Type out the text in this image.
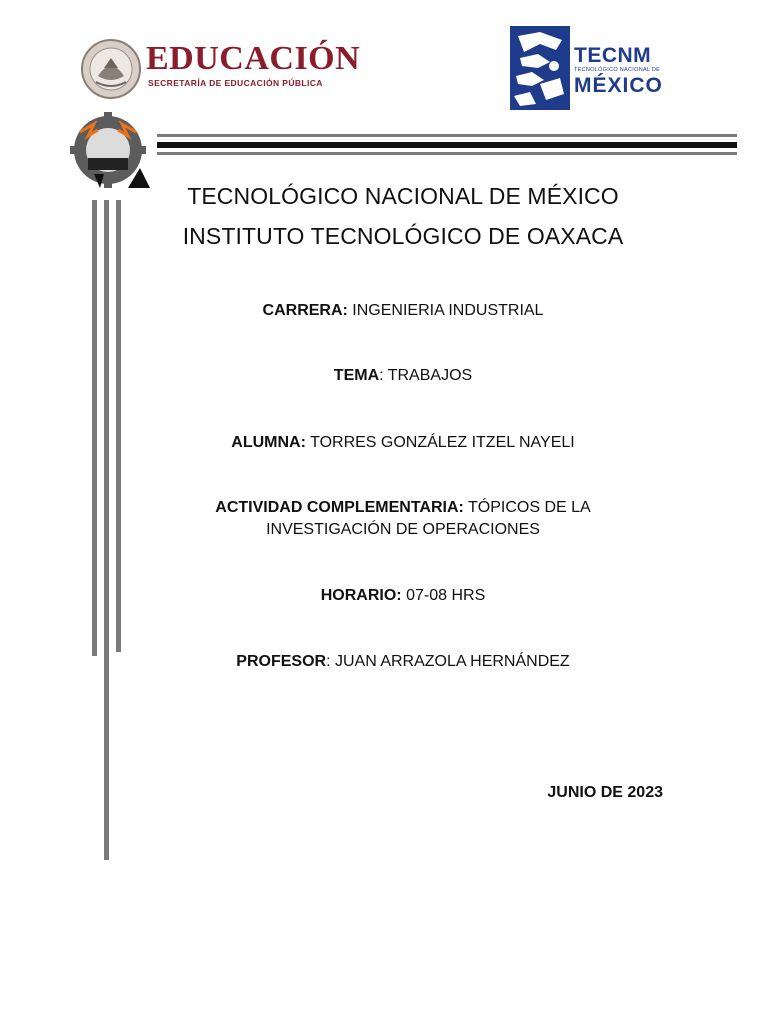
EDUCACIÓN
SECRETARÍA DE EDUCACIÓN PÚBLICA
TECNM
TECNOLÓGICO NACIONAL DE
MÉXICO
TECNOLÓGICO NACIONAL DE MÉXICO
INSTITUTO TECNOLÓGICO DE OAXACA
CARRERA: INGENIERIA INDUSTRIAL
TEMA: TRABAJOS
ALUMNA: TORRES GONZÁLEZ ITZEL NAYELI
ACTIVIDAD COMPLEMENTARIA: TÓPICOS DE LA
INVESTIGACIÓN DE OPERACIONES
HORARIO: 07-08 HRS
PROFESOR: JUAN ARRAZOLA HERNÁNDEZ
JUNIO DE 2023
